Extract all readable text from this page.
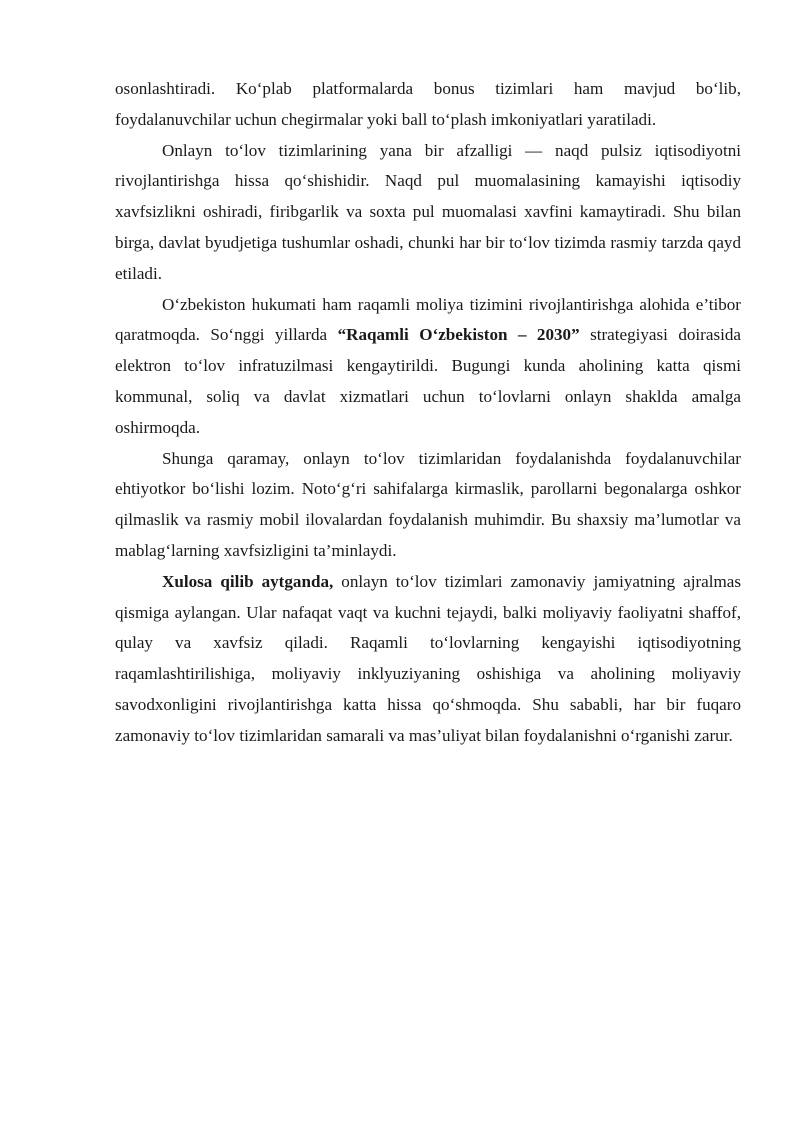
osonlashtiradi. Ko‘plab platformalarda bonus tizimlari ham mavjud bo‘lib, foydalanuvchilar uchun chegirmalar yoki ball to‘plash imkoniyatlari yaratiladi.

Onlayn to‘lov tizimlarining yana bir afzalligi — naqd pulsiz iqtisodiyotni rivojlantirishga hissa qo‘shishidir. Naqd pul muomalasining kamayishi iqtisodiy xavfsizlikni oshiradi, firibgarlik va soxta pul muomalasi xavfini kamaytiradi. Shu bilan birga, davlat byudjetiga tushumlar oshadi, chunki har bir to‘lov tizimda rasmiy tarzda qayd etiladi.

O‘zbekiston hukumati ham raqamli moliya tizimini rivojlantirishga alohida e’tibor qaratmoqda. So‘nggi yillarda “Raqamli O‘zbekiston – 2030” strategiyasi doirasida elektron to‘lov infratuzilmasi kengaytirildi. Bugungi kunda aholining katta qismi kommunal, soliq va davlat xizmatlari uchun to‘lovlarni onlayn shaklda amalga oshirmoqda.

Shunga qaramay, onlayn to‘lov tizimlaridan foydalanishda foydalanuvchilar ehtiyotkor bo‘lishi lozim. Noto‘g‘ri sahifalarga kirmaslik, parollarni begonalarga oshkor qilmaslik va rasmiy mobil ilovalardan foydalanish muhimdir. Bu shaxsiy ma’lumotlar va mablag‘larning xavfsizligini ta’minlaydi.

Xulosa qilib aytganda, onlayn to‘lov tizimlari zamonaviy jamiyatning ajralmas qismiga aylangan. Ular nafaqat vaqt va kuchni tejaydi, balki moliyaviy faoliyatni shaffof, qulay va xavfsiz qiladi. Raqamli to‘lovlarning kengayishi iqtisodiyotning raqamlashtirilishiga, moliyaviy inklyuziyaning oshishiga va aholining moliyaviy savodxonligini rivojlantirishga katta hissa qo‘shmoqda. Shu sababli, har bir fuqaro zamonaviy to‘lov tizimlaridan samarali va mas’uliyat bilan foydalanishni o‘rganishi zarur.
